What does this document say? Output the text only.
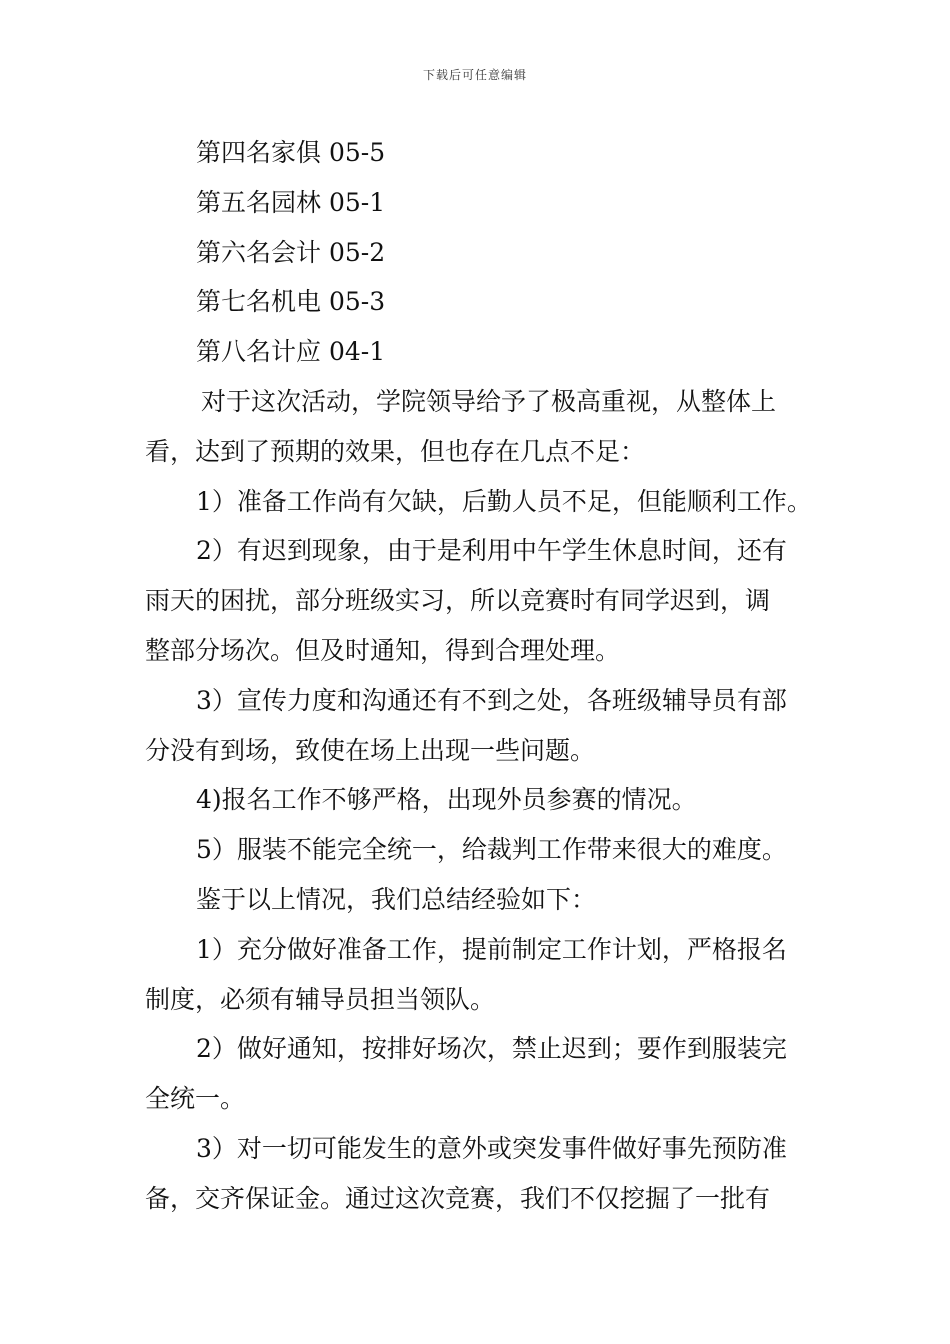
下载后可任意编辑
第四名家俱 05-5
第五名园林 05-1
第六名会计 05-2
第七名机电 05-3
第八名计应 04-1
对于这次活动，学院领导给予了极高重视，从整体上
看，达到了预期的效果，但也存在几点不足：
1）准备工作尚有欠缺，后勤人员不足，但能顺利工作。
2）有迟到现象，由于是利用中午学生休息时间，还有
雨天的困扰，部分班级实习，所以竞赛时有同学迟到，调
整部分场次。但及时通知，得到合理处理。
3）宣传力度和沟通还有不到之处，各班级辅导员有部
分没有到场，致使在场上出现一些问题。
4)报名工作不够严格，出现外员参赛的情况。
5）服装不能完全统一，给裁判工作带来很大的难度。
鉴于以上情况，我们总结经验如下：
1）充分做好准备工作，提前制定工作计划，严格报名
制度，必须有辅导员担当领队。
2）做好通知，按排好场次，禁止迟到；要作到服装完
全统一。
3）对一切可能发生的意外或突发事件做好事先预防准
备，交齐保证金。通过这次竞赛，我们不仅挖掘了一批有
